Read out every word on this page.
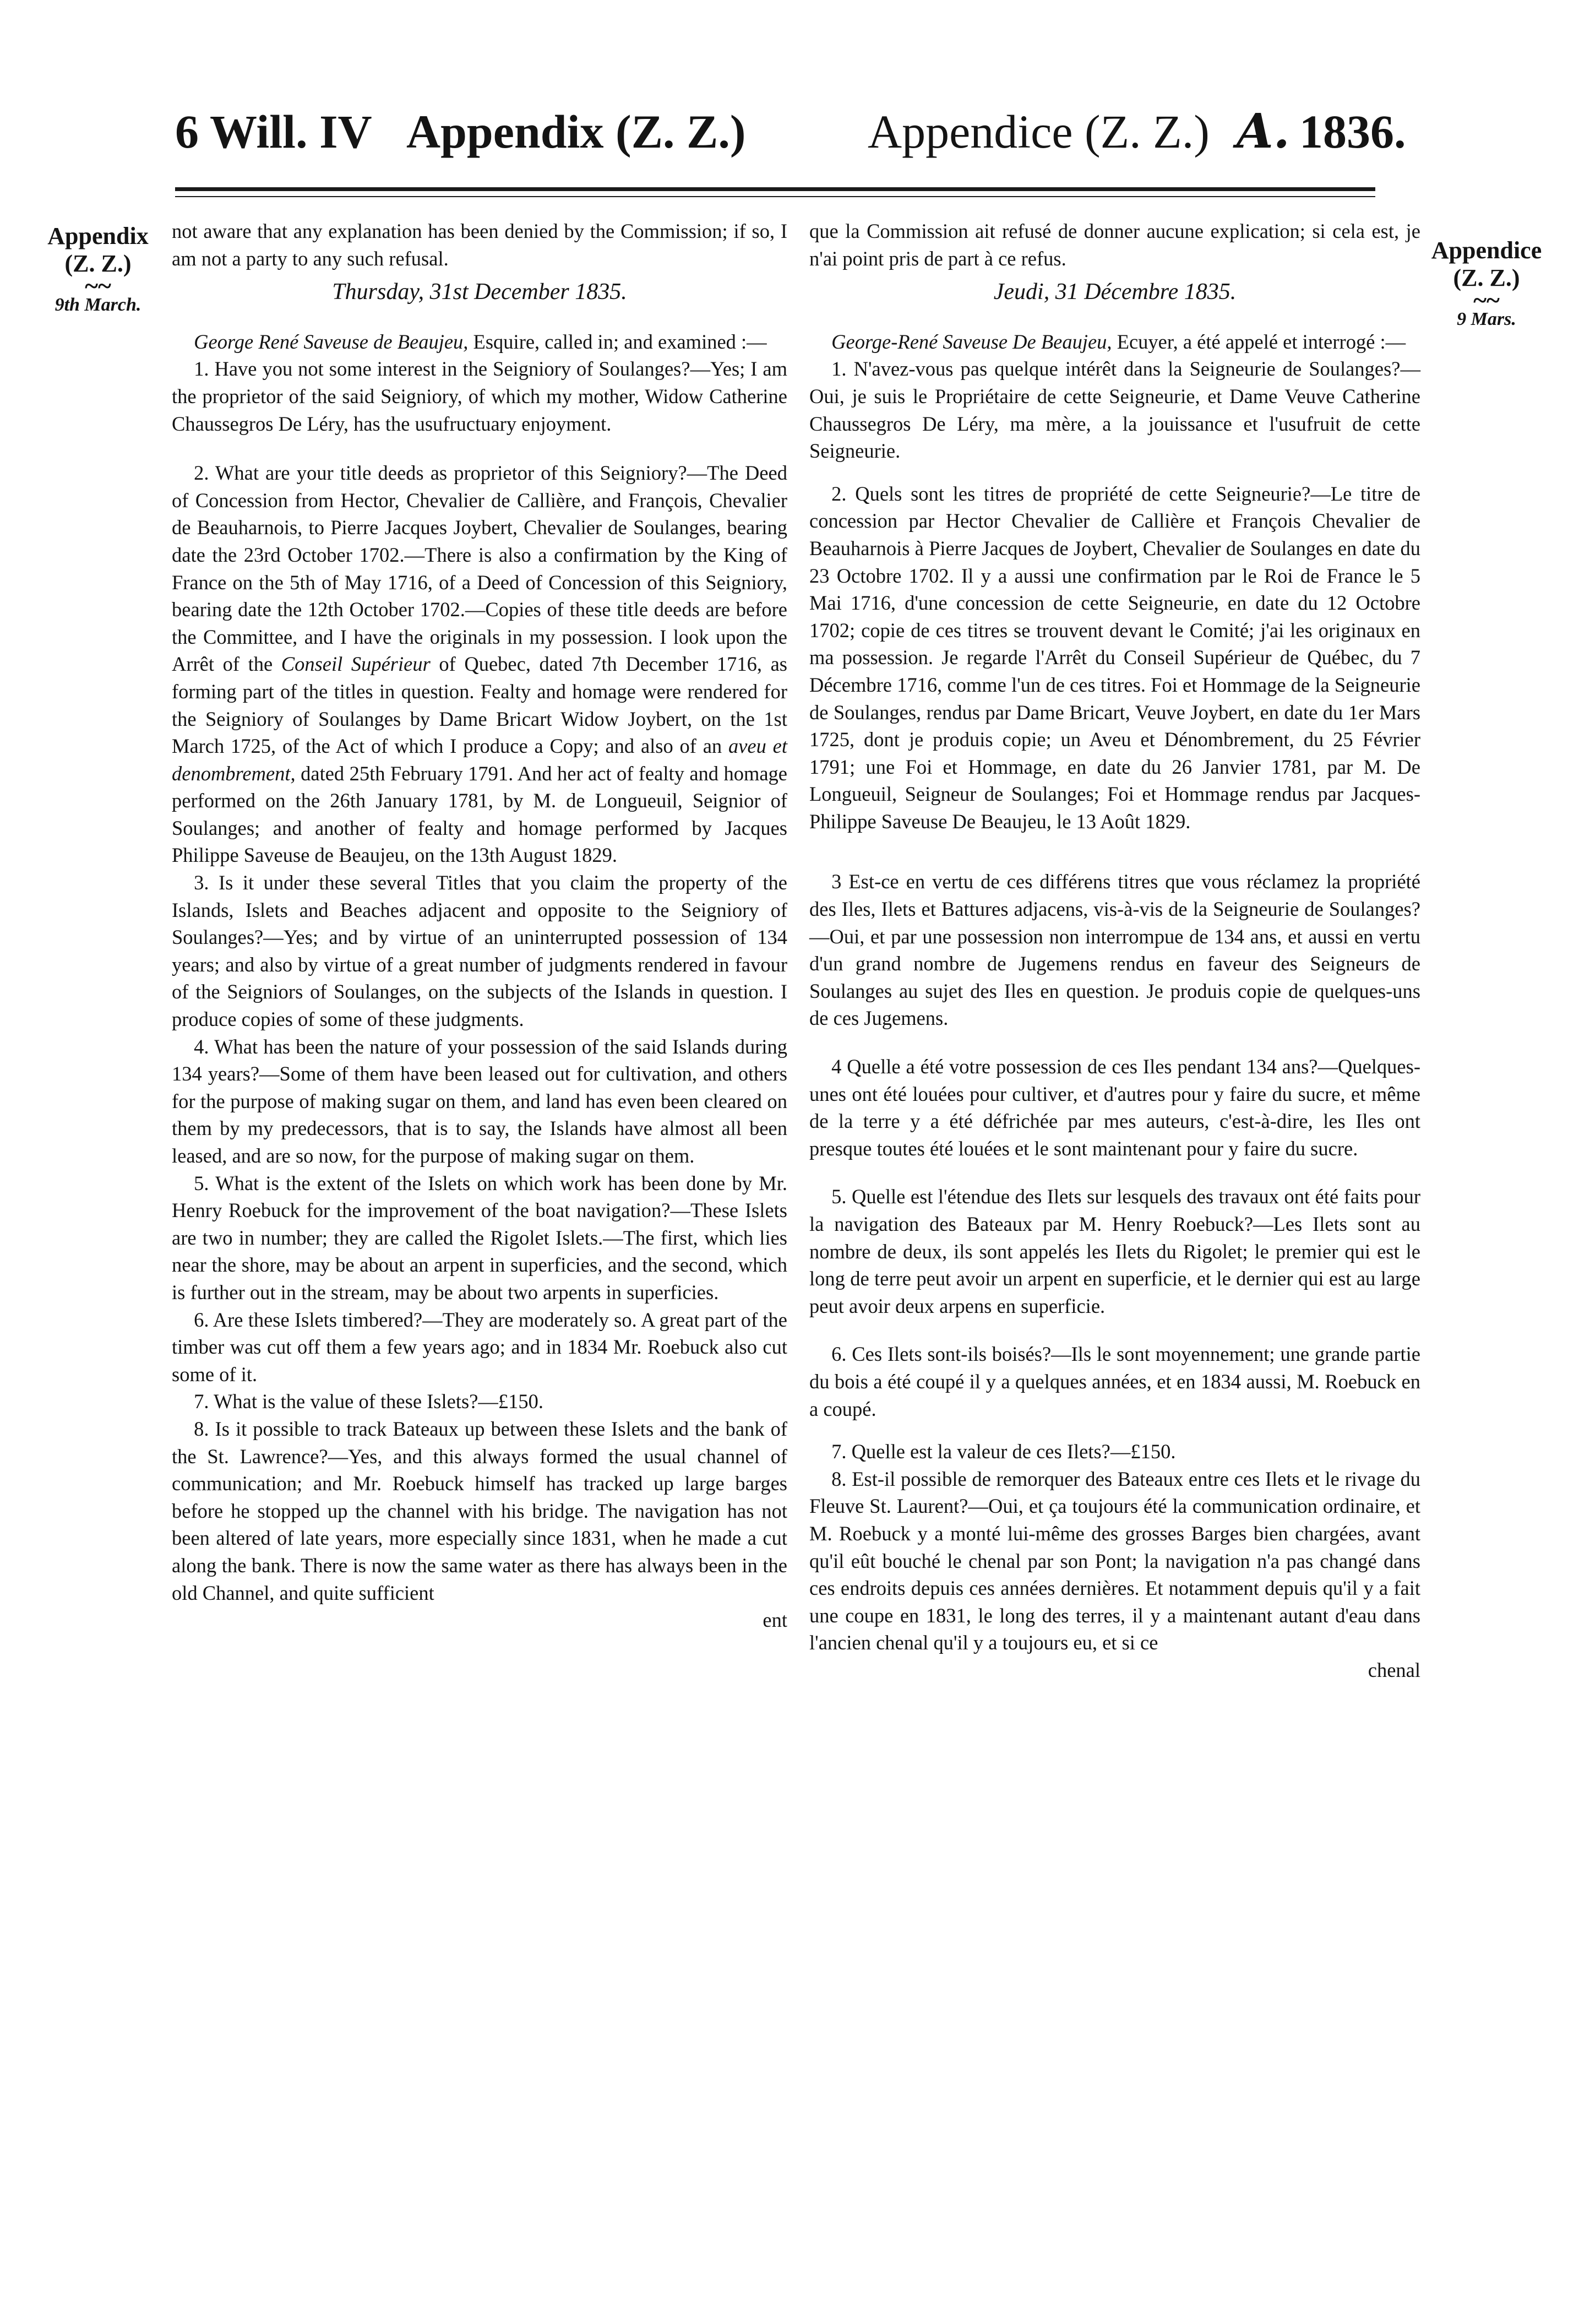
6 Will. IV Appendix (Z. Z.)	Appendice (Z. Z.) A. 1836.
Appendix
(Z. Z.)
~~
9th March.
Appendice
(Z. Z.)
~~
9 Mars.

not aware that any explanation has been denied by the Commission; if so, I am not a party to any such refusal.

Thursday, 31st December 1835.

George René Saveuse de Beaujeu, Esquire, called in; and examined :—

1. Have you not some interest in the Seigniory of Soulanges?—Yes; I am the proprietor of the said Seigniory, of which my mother, Widow Catherine Chaussegros De Léry, has the usufructuary enjoyment.

2. What are your title deeds as proprietor of this Seigniory?—The Deed of Concession from Hector, Chevalier de Callière, and François, Chevalier de Beauharnois, to Pierre Jacques Joybert, Chevalier de Soulanges, bearing date the 23rd October 1702.—There is also a confirmation by the King of France on the 5th of May 1716, of a Deed of Concession of this Seigniory, bearing date the 12th October 1702.—Copies of these title deeds are before the Committee, and I have the originals in my possession. I look upon the Arrêt of the Conseil Supérieur of Quebec, dated 7th December 1716, as forming part of the titles in question. Fealty and homage were rendered for the Seigniory of Soulanges by Dame Bricart Widow Joybert, on the 1st March 1725, of the Act of which I produce a Copy; and also of an aveu et denombrement, dated 25th February 1791. And her act of fealty and homage performed on the 26th January 1781, by M. de Longueuil, Seignior of Soulanges; and another of fealty and homage performed by Jacques Philippe Saveuse de Beaujeu, on the 13th August 1829.

3. Is it under these several Titles that you claim the property of the Islands, Islets and Beaches adjacent and opposite to the Seigniory of Soulanges?—Yes; and by virtue of an uninterrupted possession of 134 years; and also by virtue of a great number of judgments rendered in favour of the Seigniors of Soulanges, on the subjects of the Islands in question. I produce copies of some of these judgments.

4. What has been the nature of your possession of the said Islands during 134 years?—Some of them have been leased out for cultivation, and others for the purpose of making sugar on them, and land has even been cleared on them by my predecessors, that is to say, the Islands have almost all been leased, and are so now, for the purpose of making sugar on them.

5. What is the extent of the Islets on which work has been done by Mr. Henry Roebuck for the improvement of the boat navigation?—These Islets are two in number; they are called the Rigolet Islets.—The first, which lies near the shore, may be about an arpent in superficies, and the second, which is further out in the stream, may be about two arpents in superficies.

6. Are these Islets timbered?—They are moderately so. A great part of the timber was cut off them a few years ago; and in 1834 Mr. Roebuck also cut some of it.

7. What is the value of these Islets?—£150.

8. Is it possible to track Bateaux up between these Islets and the bank of the St. Lawrence?—Yes, and this always formed the usual channel of communication; and Mr. Roebuck himself has tracked up large barges before he stopped up the channel with his bridge. The navigation has not been altered of late years, more especially since 1831, when he made a cut along the bank. There is now the same water as there has always been in the old Channel, and quite sufficient

ent

que la Commission ait refusé de donner aucune explication; si cela est, je n'ai point pris de part à ce refus.

Jeudi, 31 Décembre 1835.

George-René Saveuse De Beaujeu, Ecuyer, a été appelé et interrogé :—

1. N'avez-vous pas quelque intérêt dans la Seigneurie de Soulanges?—Oui, je suis le Propriétaire de cette Seigneurie, et Dame Veuve Catherine Chaussegros De Léry, ma mère, a la jouissance et l'usufruit de cette Seigneurie.

2. Quels sont les titres de propriété de cette Seigneurie?—Le titre de concession par Hector Chevalier de Callière et François Chevalier de Beauharnois à Pierre Jacques de Joybert, Chevalier de Soulanges en date du 23 Octobre 1702. Il y a aussi une confirmation par le Roi de France le 5 Mai 1716, d'une concession de cette Seigneurie, en date du 12 Octobre 1702; copie de ces titres se trouvent devant le Comité; j'ai les originaux en ma possession. Je regarde l'Arrêt du Conseil Supérieur de Québec, du 7 Décembre 1716, comme l'un de ces titres. Foi et Hommage de la Seigneurie de Soulanges, rendus par Dame Bricart, Veuve Joybert, en date du 1er Mars 1725, dont je produis copie; un Aveu et Dénombrement, du 25 Février 1791; une Foi et Hommage, en date du 26 Janvier 1781, par M. De Longueuil, Seigneur de Soulanges; Foi et Hommage rendus par Jacques-Philippe Saveuse De Beaujeu, le 13 Août 1829.

3 Est-ce en vertu de ces différens titres que vous réclamez la propriété des Iles, Ilets et Battures adjacens, vis-à-vis de la Seigneurie de Soulanges?—Oui, et par une possession non interrompue de 134 ans, et aussi en vertu d'un grand nombre de Jugemens rendus en faveur des Seigneurs de Soulanges au sujet des Iles en question. Je produis copie de quelques-uns de ces Jugemens.

4 Quelle a été votre possession de ces Iles pendant 134 ans?—Quelques-unes ont été louées pour cultiver, et d'autres pour y faire du sucre, et même de la terre y a été défrichée par mes auteurs, c'est-à-dire, les Iles ont presque toutes été louées et le sont maintenant pour y faire du sucre.

5. Quelle est l'étendue des Ilets sur lesquels des travaux ont été faits pour la navigation des Bateaux par M. Henry Roebuck?—Les Ilets sont au nombre de deux, ils sont appelés les Ilets du Rigolet; le premier qui est le long de terre peut avoir un arpent en superficie, et le dernier qui est au large peut avoir deux arpens en superficie.

6. Ces Ilets sont-ils boisés?—Ils le sont moyennement; une grande partie du bois a été coupé il y a quelques années, et en 1834 aussi, M. Roebuck en a coupé.

7. Quelle est la valeur de ces Ilets?—£150.

8. Est-il possible de remorquer des Bateaux entre ces Ilets et le rivage du Fleuve St. Laurent?—Oui, et ça toujours été la communication ordinaire, et M. Roebuck y a monté lui-même des grosses Barges bien chargées, avant qu'il eût bouché le chenal par son Pont; la navigation n'a pas changé dans ces endroits depuis ces années dernières. Et notamment depuis qu'il y a fait une coupe en 1831, le long des terres, il y a maintenant autant d'eau dans l'ancien chenal qu'il y a toujours eu, et si ce

chenal
